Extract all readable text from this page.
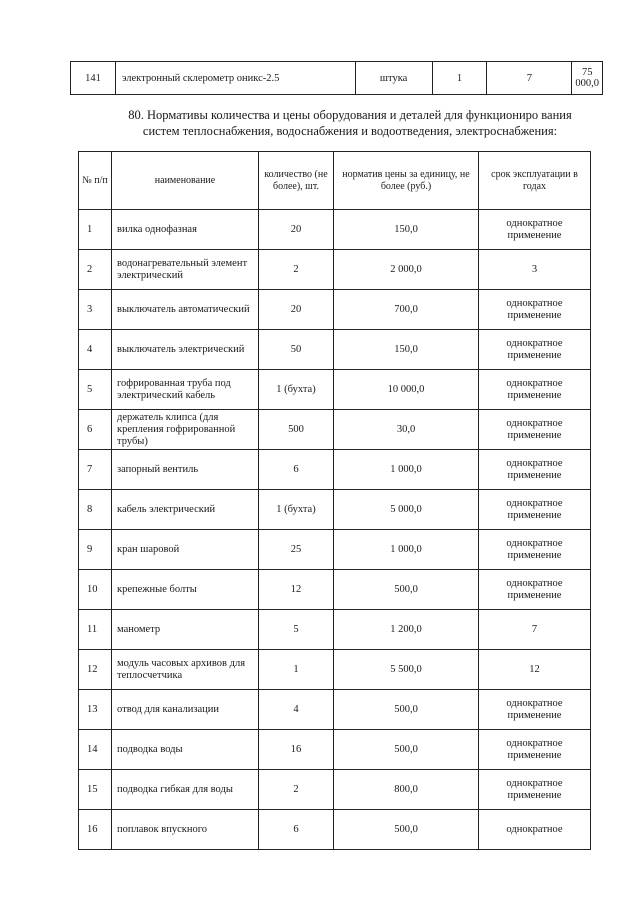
141	электронный склерометр оникс-2.5	штука	1	7	75 000,0
80. Нормативы количества и цены оборудования и деталей для функциониро вания
систем теплоснабжения, водоснабжения и водоотведения, электроснабжения:
№ п/п	наименование	количество (не более), шт.	норматив цены за единицу, не более (руб.)	срок эксплуатации в годах
1	вилка однофазная	20	150,0	однократное применение
2	водонагревательный элемент электрический	2	2 000,0	3
3	выключатель автоматический	20	700,0	однократное применение
4	выключатель электрический	50	150,0	однократное применение
5	гофрированная труба под электрический кабель	1 (бухта)	10 000,0	однократное применение
6	держатель клипса (для крепления гофрированной трубы)	500	30,0	однократное применение
7	запорный вентиль	6	1 000,0	однократное применение
8	кабель электрический	1 (бухта)	5 000,0	однократное применение
9	кран шаровой	25	1 000,0	однократное применение
10	крепежные болты	12	500,0	однократное применение
11	манометр	5	1 200,0	7
12	модуль часовых архивов для теплосчетчика	1	5 500,0	12
13	отвод для канализации	4	500,0	однократное применение
14	подводка воды	16	500,0	однократное применение
15	подводка гибкая для воды	2	800,0	однократное применение
16	поплавок впускного	6	500,0	однократное
